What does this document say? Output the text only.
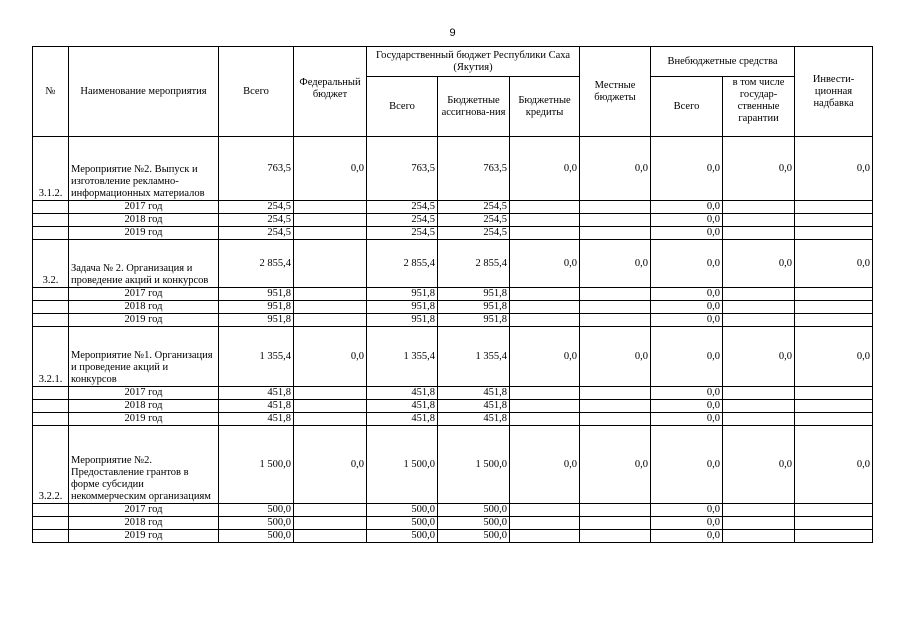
9
№	Наименование мероприятия	Всего	Федеральный бюджет	Государственный бюджет Республики Саха (Якутия)			Местные бюджеты	Внебюджетные средства		Инвести-ционная надбавка
				Всего	Бюджетные ассигнова-ния	Бюджетные кредиты		Всего	в том числе государ-ственные гарантии	
3.1.2.	Мероприятие №2. Выпуск и изготовление рекламно-информационных материалов	763,5	0,0	763,5	763,5	0,0	0,0	0,0	0,0	0,0
	2017 год	254,5		254,5	254,5			0,0		
	2018 год	254,5		254,5	254,5			0,0		
	2019 год	254,5		254,5	254,5			0,0		
3.2.	Задача № 2. Организация и проведение акций и конкурсов	2 855,4		2 855,4	2 855,4	0,0	0,0	0,0	0,0	0,0
	2017 год	951,8		951,8	951,8			0,0		
	2018 год	951,8		951,8	951,8			0,0		
	2019 год	951,8		951,8	951,8			0,0		
3.2.1.	Мероприятие №1. Организация и проведение акций и конкурсов	1 355,4	0,0	1 355,4	1 355,4	0,0	0,0	0,0	0,0	0,0
	2017 год	451,8		451,8	451,8			0,0		
	2018 год	451,8		451,8	451,8			0,0		
	2019 год	451,8		451,8	451,8			0,0		
3.2.2.	Мероприятие №2. Предоставление грантов в форме субсидии некоммерческим организациям	1 500,0	0,0	1 500,0	1 500,0	0,0	0,0	0,0	0,0	0,0
	2017 год	500,0		500,0	500,0			0,0		
	2018 год	500,0		500,0	500,0			0,0		
	2019 год	500,0		500,0	500,0			0,0		
